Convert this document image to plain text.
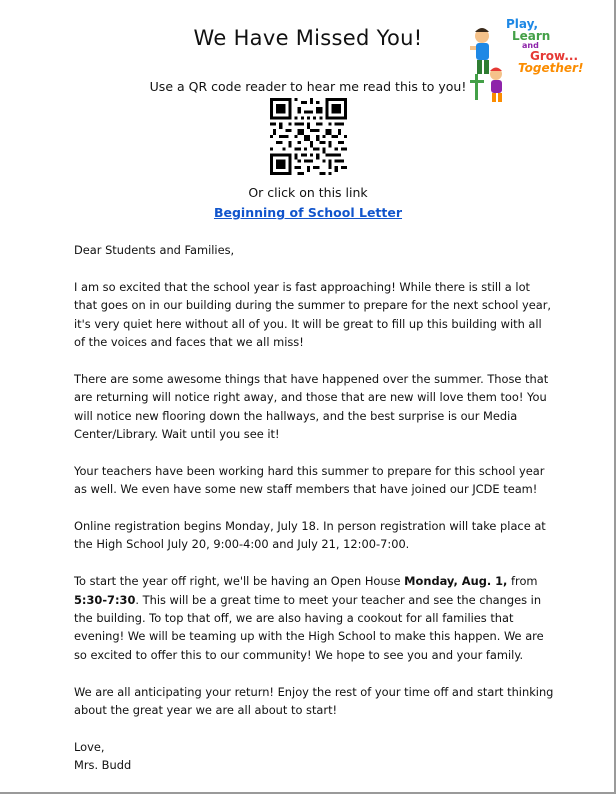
We Have Missed You!
Play,
Learn
and
Grow...
Together!
Use a QR code reader to hear me read this to you!
Or click on this link
Beginning of School Letter

Dear Students and Families,

I am so excited that the school year is fast approaching! While there is still a lot that goes on in our building during the summer to prepare for the next school year, it's very quiet here without all of you. It will be great to fill up this building with all of the voices and faces that we all miss!

There are some awesome things that have happened over the summer. Those that are returning will notice right away, and those that are new will love them too! You will notice new flooring down the hallways, and the best surprise is our Media Center/Library. Wait until you see it!

Your teachers have been working hard this summer to prepare for this school year as well. We even have some new staff members that have joined our JCDE team!

Online registration begins Monday, July 18. In person registration will take place at the High School July 20, 9:00-4:00 and July 21, 12:00-7:00.

To start the year off right, we'll be having an Open House Monday, Aug. 1, from 5:30-7:30. This will be a great time to meet your teacher and see the changes in the building. To top that off, we are also having a cookout for all families that evening! We will be teaming up with the High School to make this happen. We are so excited to offer this to our community! We hope to see you and your family.

We are all anticipating your return! Enjoy the rest of your time off and start thinking about the great year we are all about to start!

Love,

Mrs. Budd
